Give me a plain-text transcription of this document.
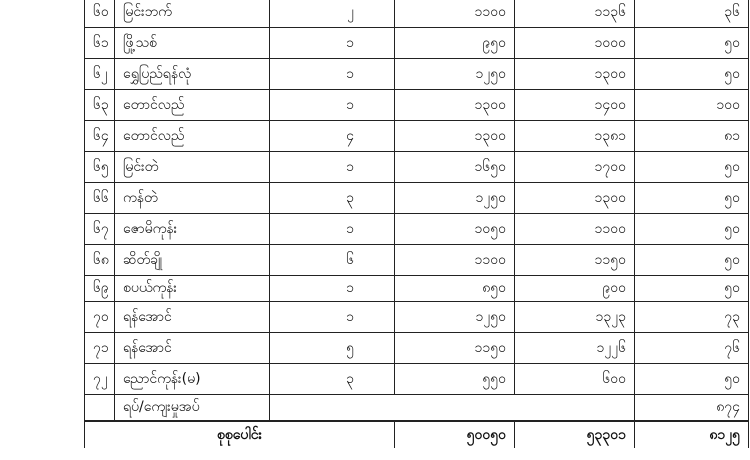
၆၀	မြင်းဘက်	၂	၁၁၀၀	၁၁၃၆	၃၆
၆၁	ဖြို့သစ်	၁	၉၅၀	၁၀၀၀	၅၀
၆၂	ရွှေပြည်ရန်လုံ	၁	၁၂၅၀	၁၃၀၀	၅၀
၆၃	တောင်လည်	၁	၁၃၀၀	၁၄၀၀	၁၀၀
၆၄	တောင်လည်	၄	၁၃၀၀	၁၃၈၁	၈၁
၆၅	မြင်းတဲ	၁	၁၆၅၀	၁၇၀၀	၅၀
၆၆	ကန်တဲ	၃	၁၂၅၀	၁၃၀၀	၅၀
၆၇	ဇောမိကုန်း	၁	၁၀၅၀	၁၁၀၀	၅၀
၆၈	ဆိတ်ချို	၆	၁၁၀၀	၁၁၅၀	၅၀
၆၉	စပယ်ကုန်း	၁	၈၅၀	၉၀၀	၅၀
၇၀	ရန်အောင်	၁	၁၂၅၀	၁၃၂၃	၇၃
၇၁	ရန်အောင်	၅	၁၁၅၀	၁၂၂၆	၇၆
၇၂	ညောင်ကုန်း(မ)	၃	၅၅၀	၆၀၀	၅၀
	ရပ်/ကျေးမှုအပ်				၈၇၄
စုစုပေါင်း			၅၀၀၅၀	၅၃၃၀၁	၈၁၂၅
